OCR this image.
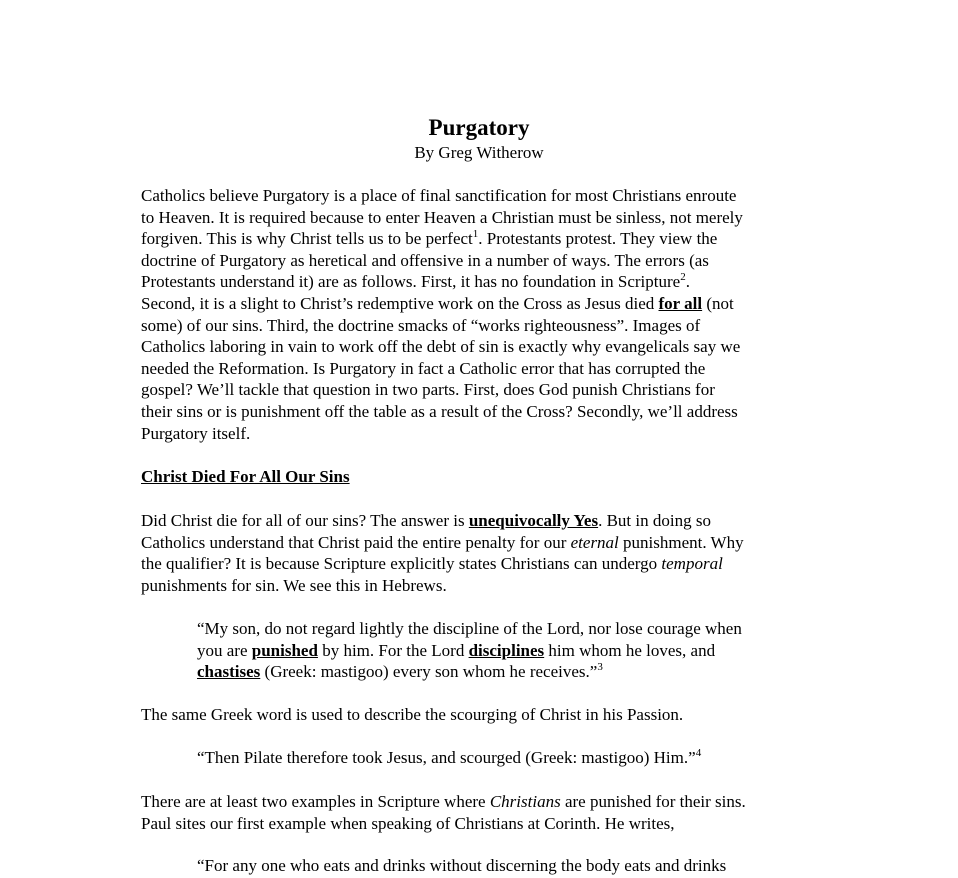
Purgatory
By Greg Witherow
Catholics believe Purgatory is a place of final sanctification for most Christians enroute
to Heaven. It is required because to enter Heaven a Christian must be sinless, not merely
forgiven. This is why Christ tells us to be perfect$^1$. Protestants protest. They view the
doctrine of Purgatory as heretical and offensive in a number of ways. The errors (as
Protestants understand it) are as follows. First, it has no foundation in Scripture$^2$.
Second, it is a slight to Christ’s redemptive work on the Cross as Jesus died for all (not
some) of our sins. Third, the doctrine smacks of “works righteousness”. Images of
Catholics laboring in vain to work off the debt of sin is exactly why evangelicals say we
needed the Reformation. Is Purgatory in fact a Catholic error that has corrupted the
gospel? We’ll tackle that question in two parts. First, does God punish Christians for
their sins or is punishment off the table as a result of the Cross? Secondly, we’ll address
Purgatory itself.
Christ Died For All Our Sins
Did Christ die for all of our sins? The answer is unequivocally Yes. But in doing so
Catholics understand that Christ paid the entire penalty for our eternal punishment. Why
the qualifier? It is because Scripture explicitly states Christians can undergo temporal
punishments for sin. We see this in Hebrews.
“My son, do not regard lightly the discipline of the Lord, nor lose courage when
you are punished by him. For the Lord disciplines him whom he loves, and
chastises (Greek: mastigoo) every son whom he receives.”$^3$
The same Greek word is used to describe the scourging of Christ in his Passion.
“Then Pilate therefore took Jesus, and scourged (Greek: mastigoo) Him.”$^4$
There are at least two examples in Scripture where Christians are punished for their sins.
Paul sites our first example when speaking of Christians at Corinth. He writes,
“For any one who eats and drinks without discerning the body eats and drinks
